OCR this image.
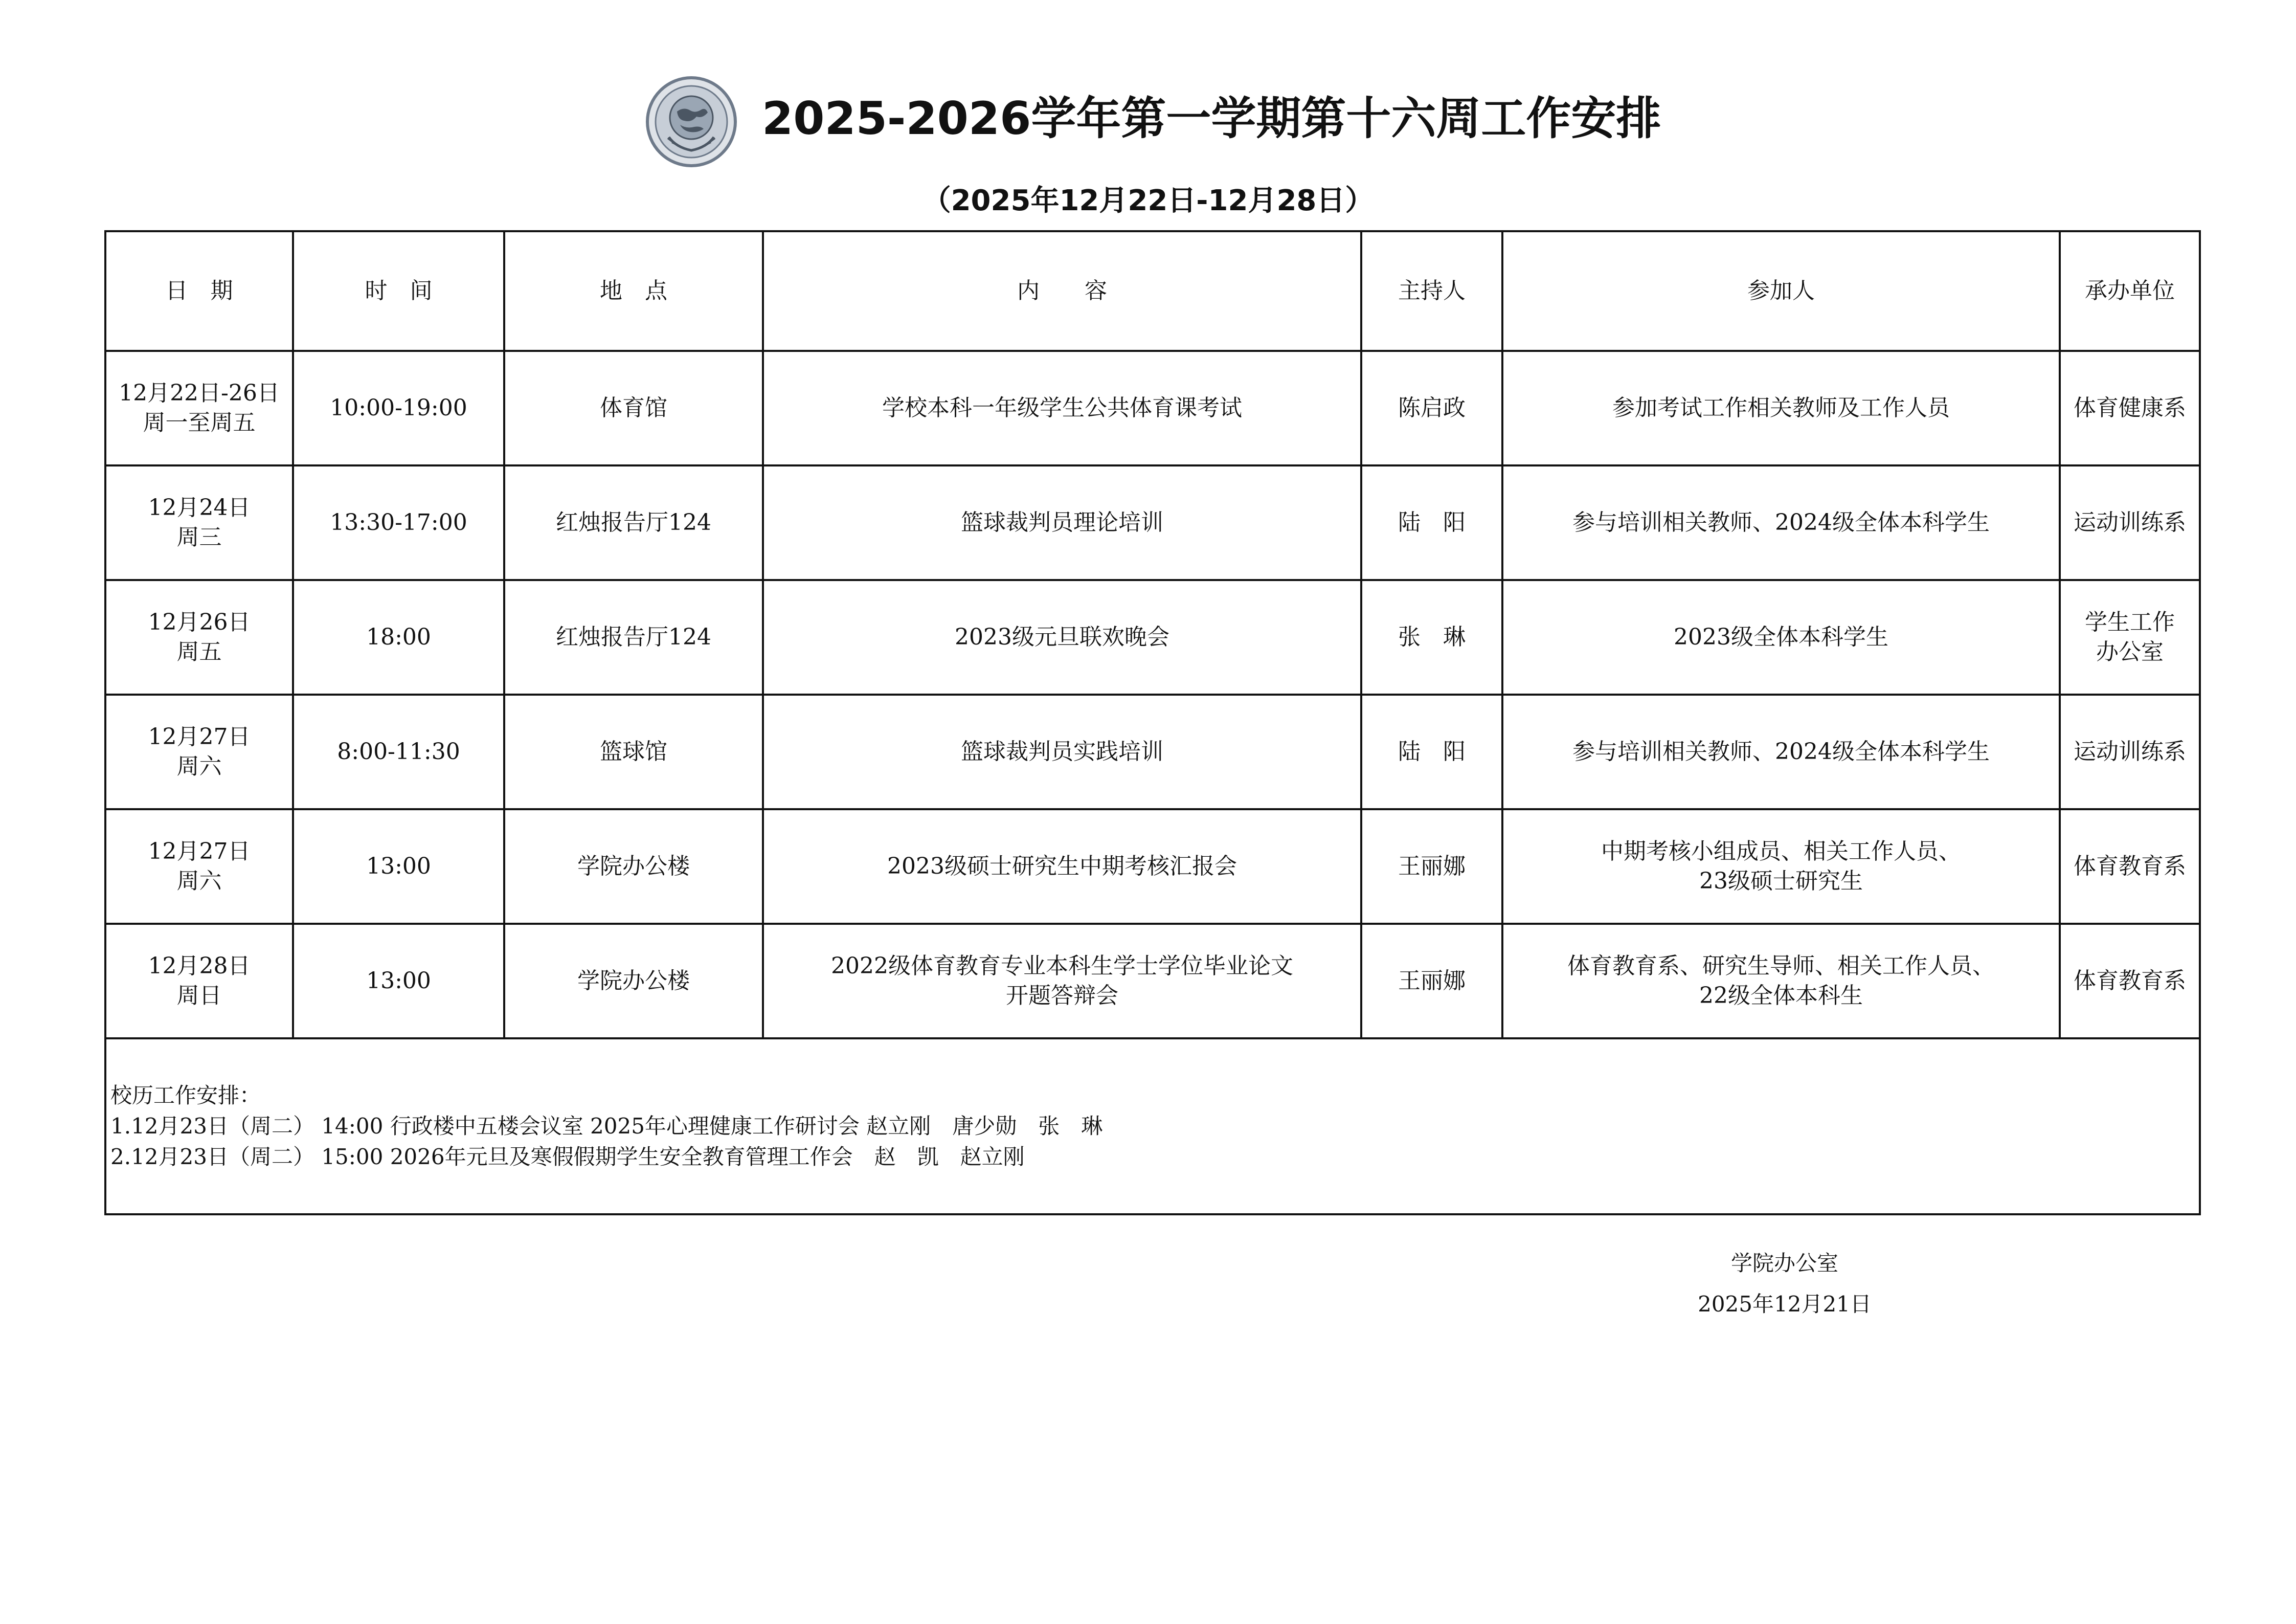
2025-2026学年第一学期第十六周工作安排
（2025年12月22日-12月28日）
日　期	时　间	地　点	内　　容	主持人	参加人	承办单位

12月22日-26日
周一至周五	10:00-19:00	体育馆	学校本科一年级学生公共体育课考试	陈启政	参加考试工作相关教师及工作人员	体育健康系

12月24日
周三	13:30-17:00	红烛报告厅124	篮球裁判员理论培训	陆　阳	参与培训相关教师、2024级全体本科学生	运动训练系

12月26日
周五	18:00	红烛报告厅124	2023级元旦联欢晚会	张　琳	2023级全体本科学生	学生工作
办公室

12月27日
周六	8:00-11:30	篮球馆	篮球裁判员实践培训	陆　阳	参与培训相关教师、2024级全体本科学生	运动训练系

12月27日
周六	13:00	学院办公楼	2023级硕士研究生中期考核汇报会	王丽娜	中期考核小组成员、相关工作人员、
23级硕士研究生	体育教育系

12月28日
周日	13:00	学院办公楼	2022级体育教育专业本科生学士学位毕业论文
开题答辩会	王丽娜	体育教育系、研究生导师、相关工作人员、
22级全体本科生	体育教育系

校历工作安排：
1.12月23日（周二） 14:00 行政楼中五楼会议室 2025年心理健康工作研讨会 赵立刚　唐少勋　张　琳
2.12月23日（周二） 15:00 2026年元旦及寒假假期学生安全教育管理工作会　赵　凯　赵立刚						
学院办公室
2025年12月21日
